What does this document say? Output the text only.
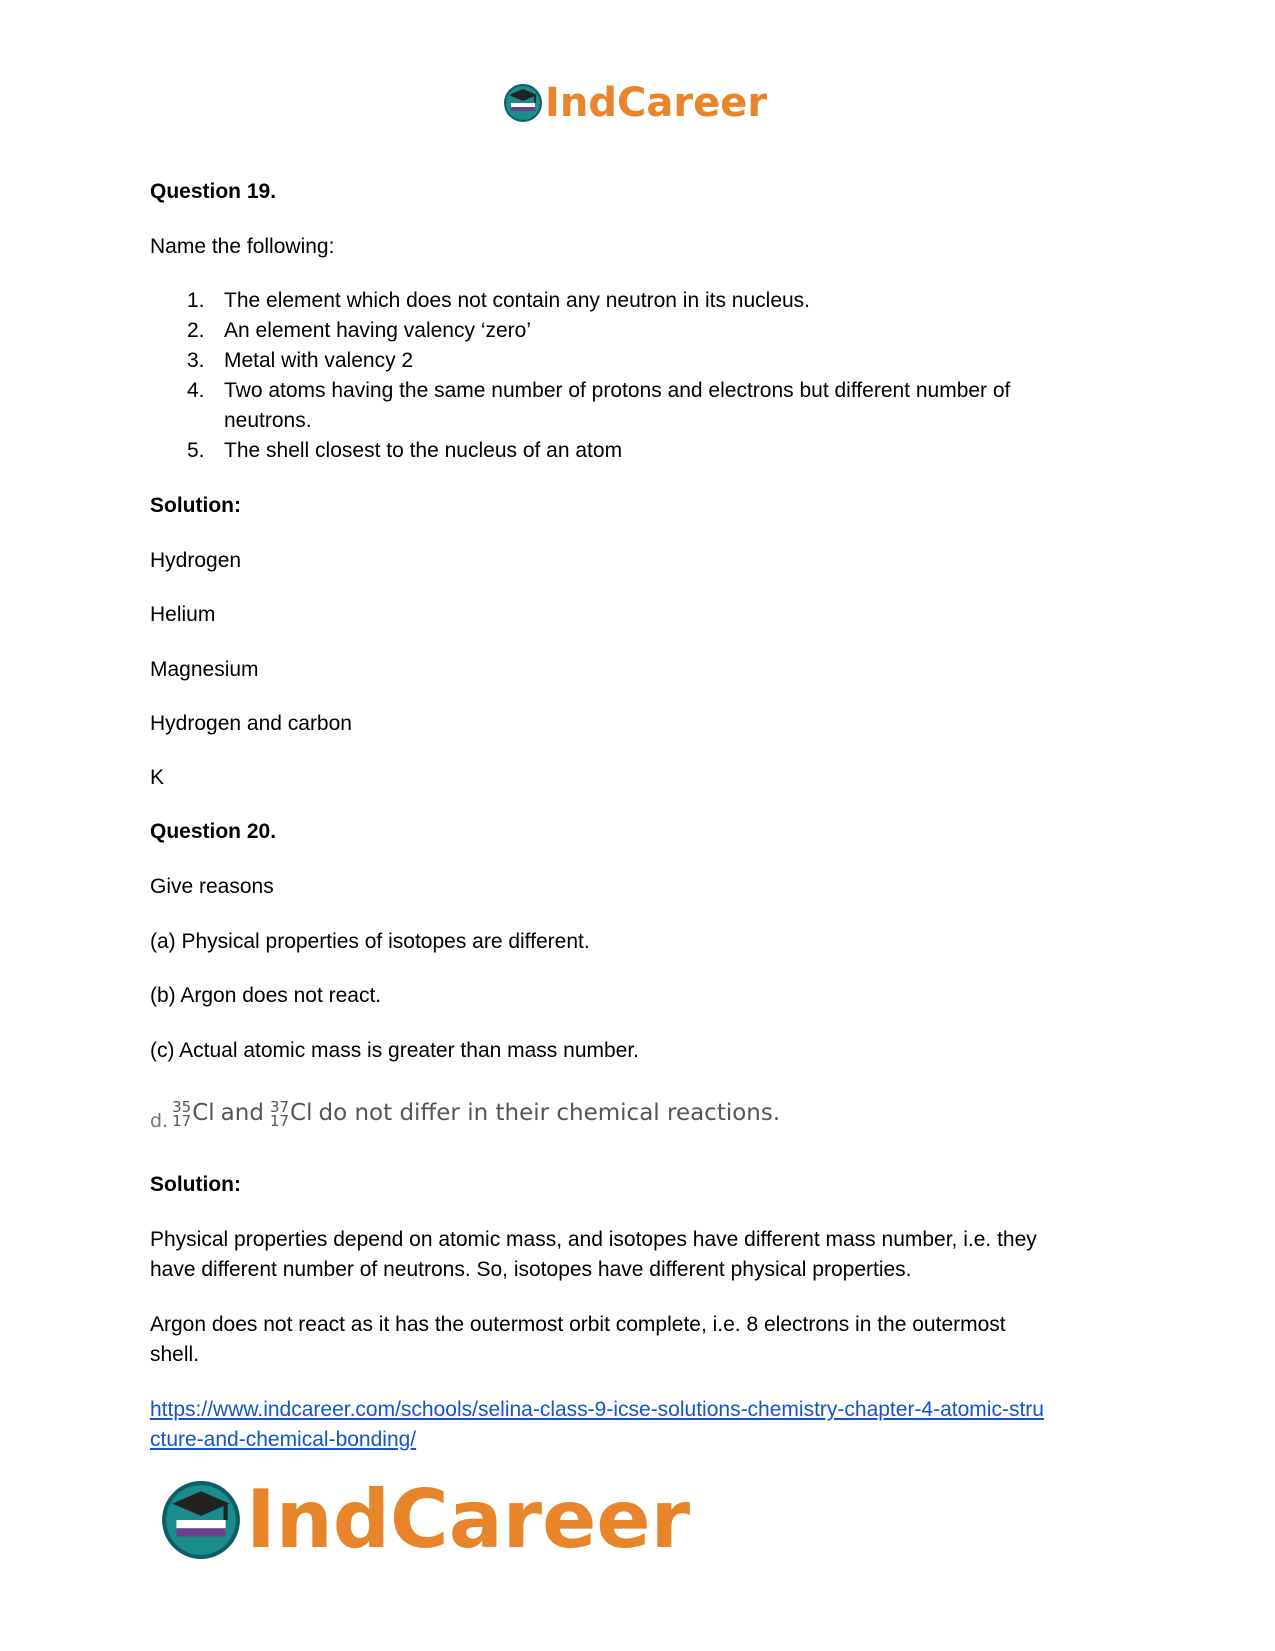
IndCareer
Question 19.
Name the following:
1. The element which does not contain any neutron in its nucleus.
2. An element having valency ‘zero’
3. Metal with valency 2
4. Two atoms having the same number of protons and electrons but different number of
neutrons.
5. The shell closest to the nucleus of an atom
Solution:
Hydrogen
Helium
Magnesium
Hydrogen and carbon
K
Question 20.
Give reasons
(a) Physical properties of isotopes are different.
(b) Argon does not react.
(c) Actual atomic mass is greater than mass number.
d.
35
17 Cl and 37
17 Cl do not differ in their chemical reactions.
Solution:
Physical properties depend on atomic mass, and isotopes have different mass number, i.e. they
have different number of neutrons. So, isotopes have different physical properties.
Argon does not react as it has the outermost orbit complete, i.e. 8 electrons in the outermost
shell.
https://www.indcareer.com/schools/selina-class-9-icse-solutions-chemistry-chapter-4-atomic-stru
cture-and-chemical-bonding/
IndCareer
